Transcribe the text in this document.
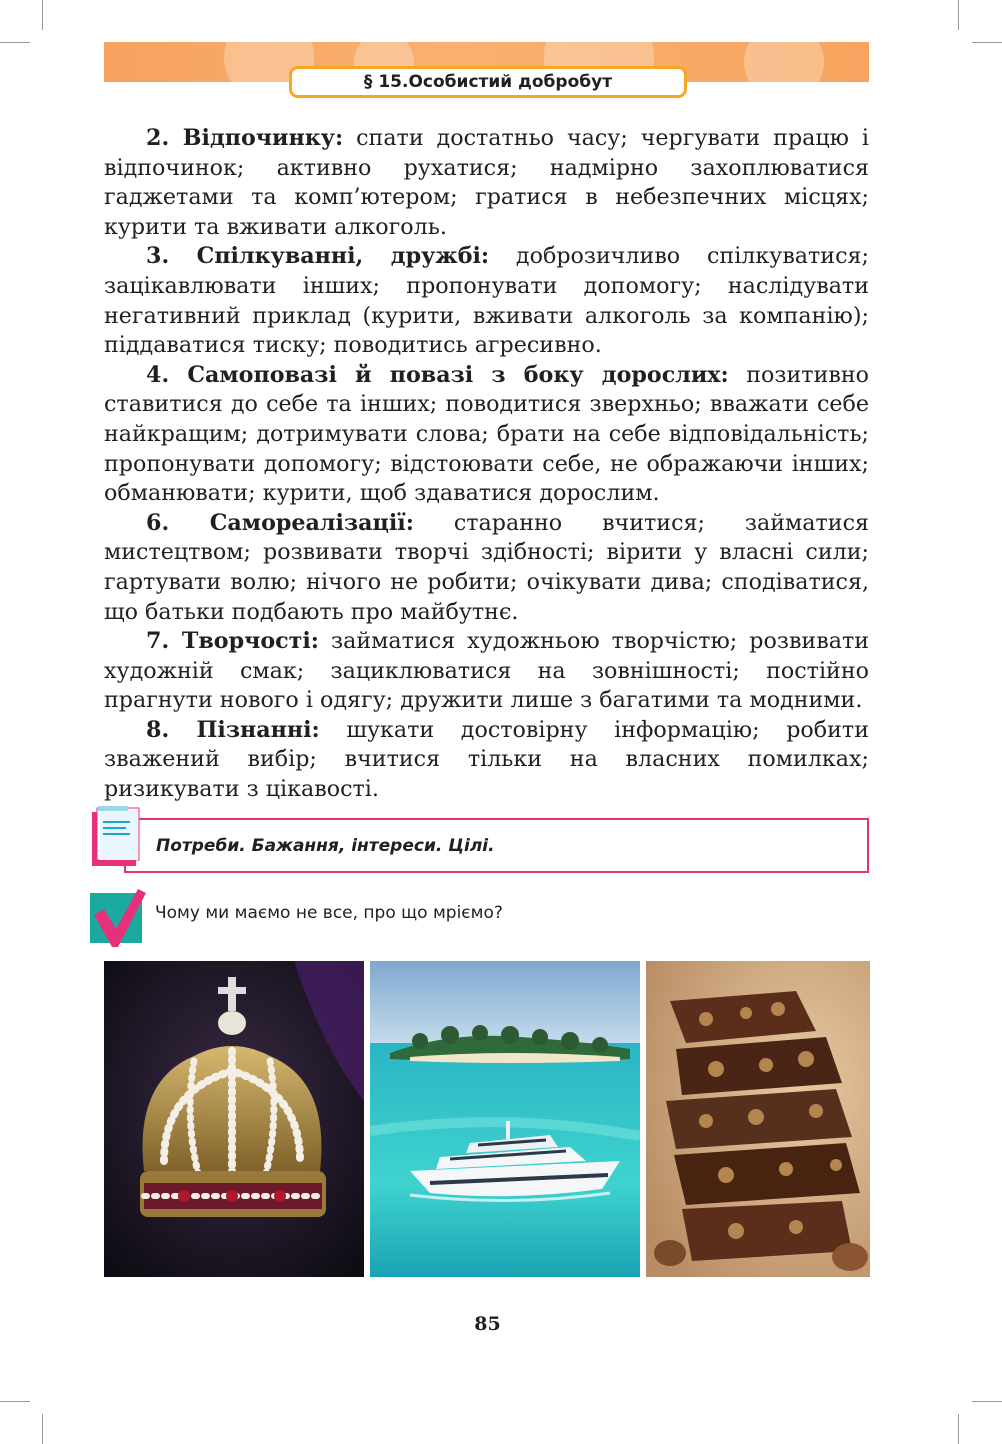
§ 15.Особистий добробут

2. Відпочинку: спати достатньо часу; чергувати працю і відпочинок; активно рухатися; надмірно захоплюватися гаджетами та комп’ютером; гратися в небезпечних місцях; курити та вживати алкоголь.

3. Спілкуванні, дружбі: доброзичливо спілкуватися; зацікавлювати інших; пропонувати допомогу; наслідувати негативний приклад (курити, вживати алкоголь за компанію); піддаватися тиску; поводитись агресивно.

4. Самоповазі й повазі з боку дорослих: позитивно ставитися до себе та інших; поводитися зверхньо; вважати себе найкращим; дотримувати слова; брати на себе відповідальність; пропонувати допомогу; відстоювати себе, не ображаючи інших; обманювати; курити, щоб здаватися дорослим.

6. Самореалізації: старанно вчитися; займатися мистецтвом; розвивати творчі здібності; вірити у власні сили; гартувати волю; нічого не робити; очікувати дива; сподіватися, що батьки подбають про майбутнє.

7. Творчості: займатися художньою творчістю; розвивати художній смак; зациклюватися на зовнішності; постійно прагнути нового і одягу; дружити лише з багатими та модними.

8. Пізнанні: шукати достовірну інформацію; робити зважений вибір; вчитися тільки на власних помилках; ризикувати з цікавості.

Потреби. Бажання, інтереси. Цілі.
Чому ми маємо не все, про що мріємо?
85
